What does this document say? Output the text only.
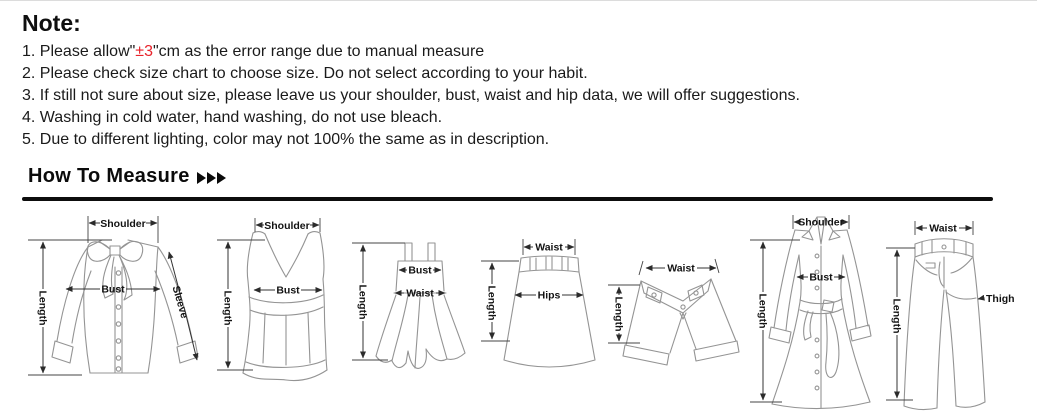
Note:

1. Please allow"±3"cm as the error range due to manual measure

2. Please check size chart to choose size. Do not select according to your habit.

3. If still not sure about size, please leave us your shoulder, bust, waist and hip data, we will offer suggestions.

4. Washing in cold water, hand washing, do not use bleach.

5. Due to different lighting, color may not 100% the same as in description.

How To Measure
Shoulder
Length
Bust	Sleeve
Shoulder
Length	Bust	Length
Bust
Waist
Waist
Length	Hips
Waist
Length
Shoulder
Length
Bust
Waist
Length	Thigh
